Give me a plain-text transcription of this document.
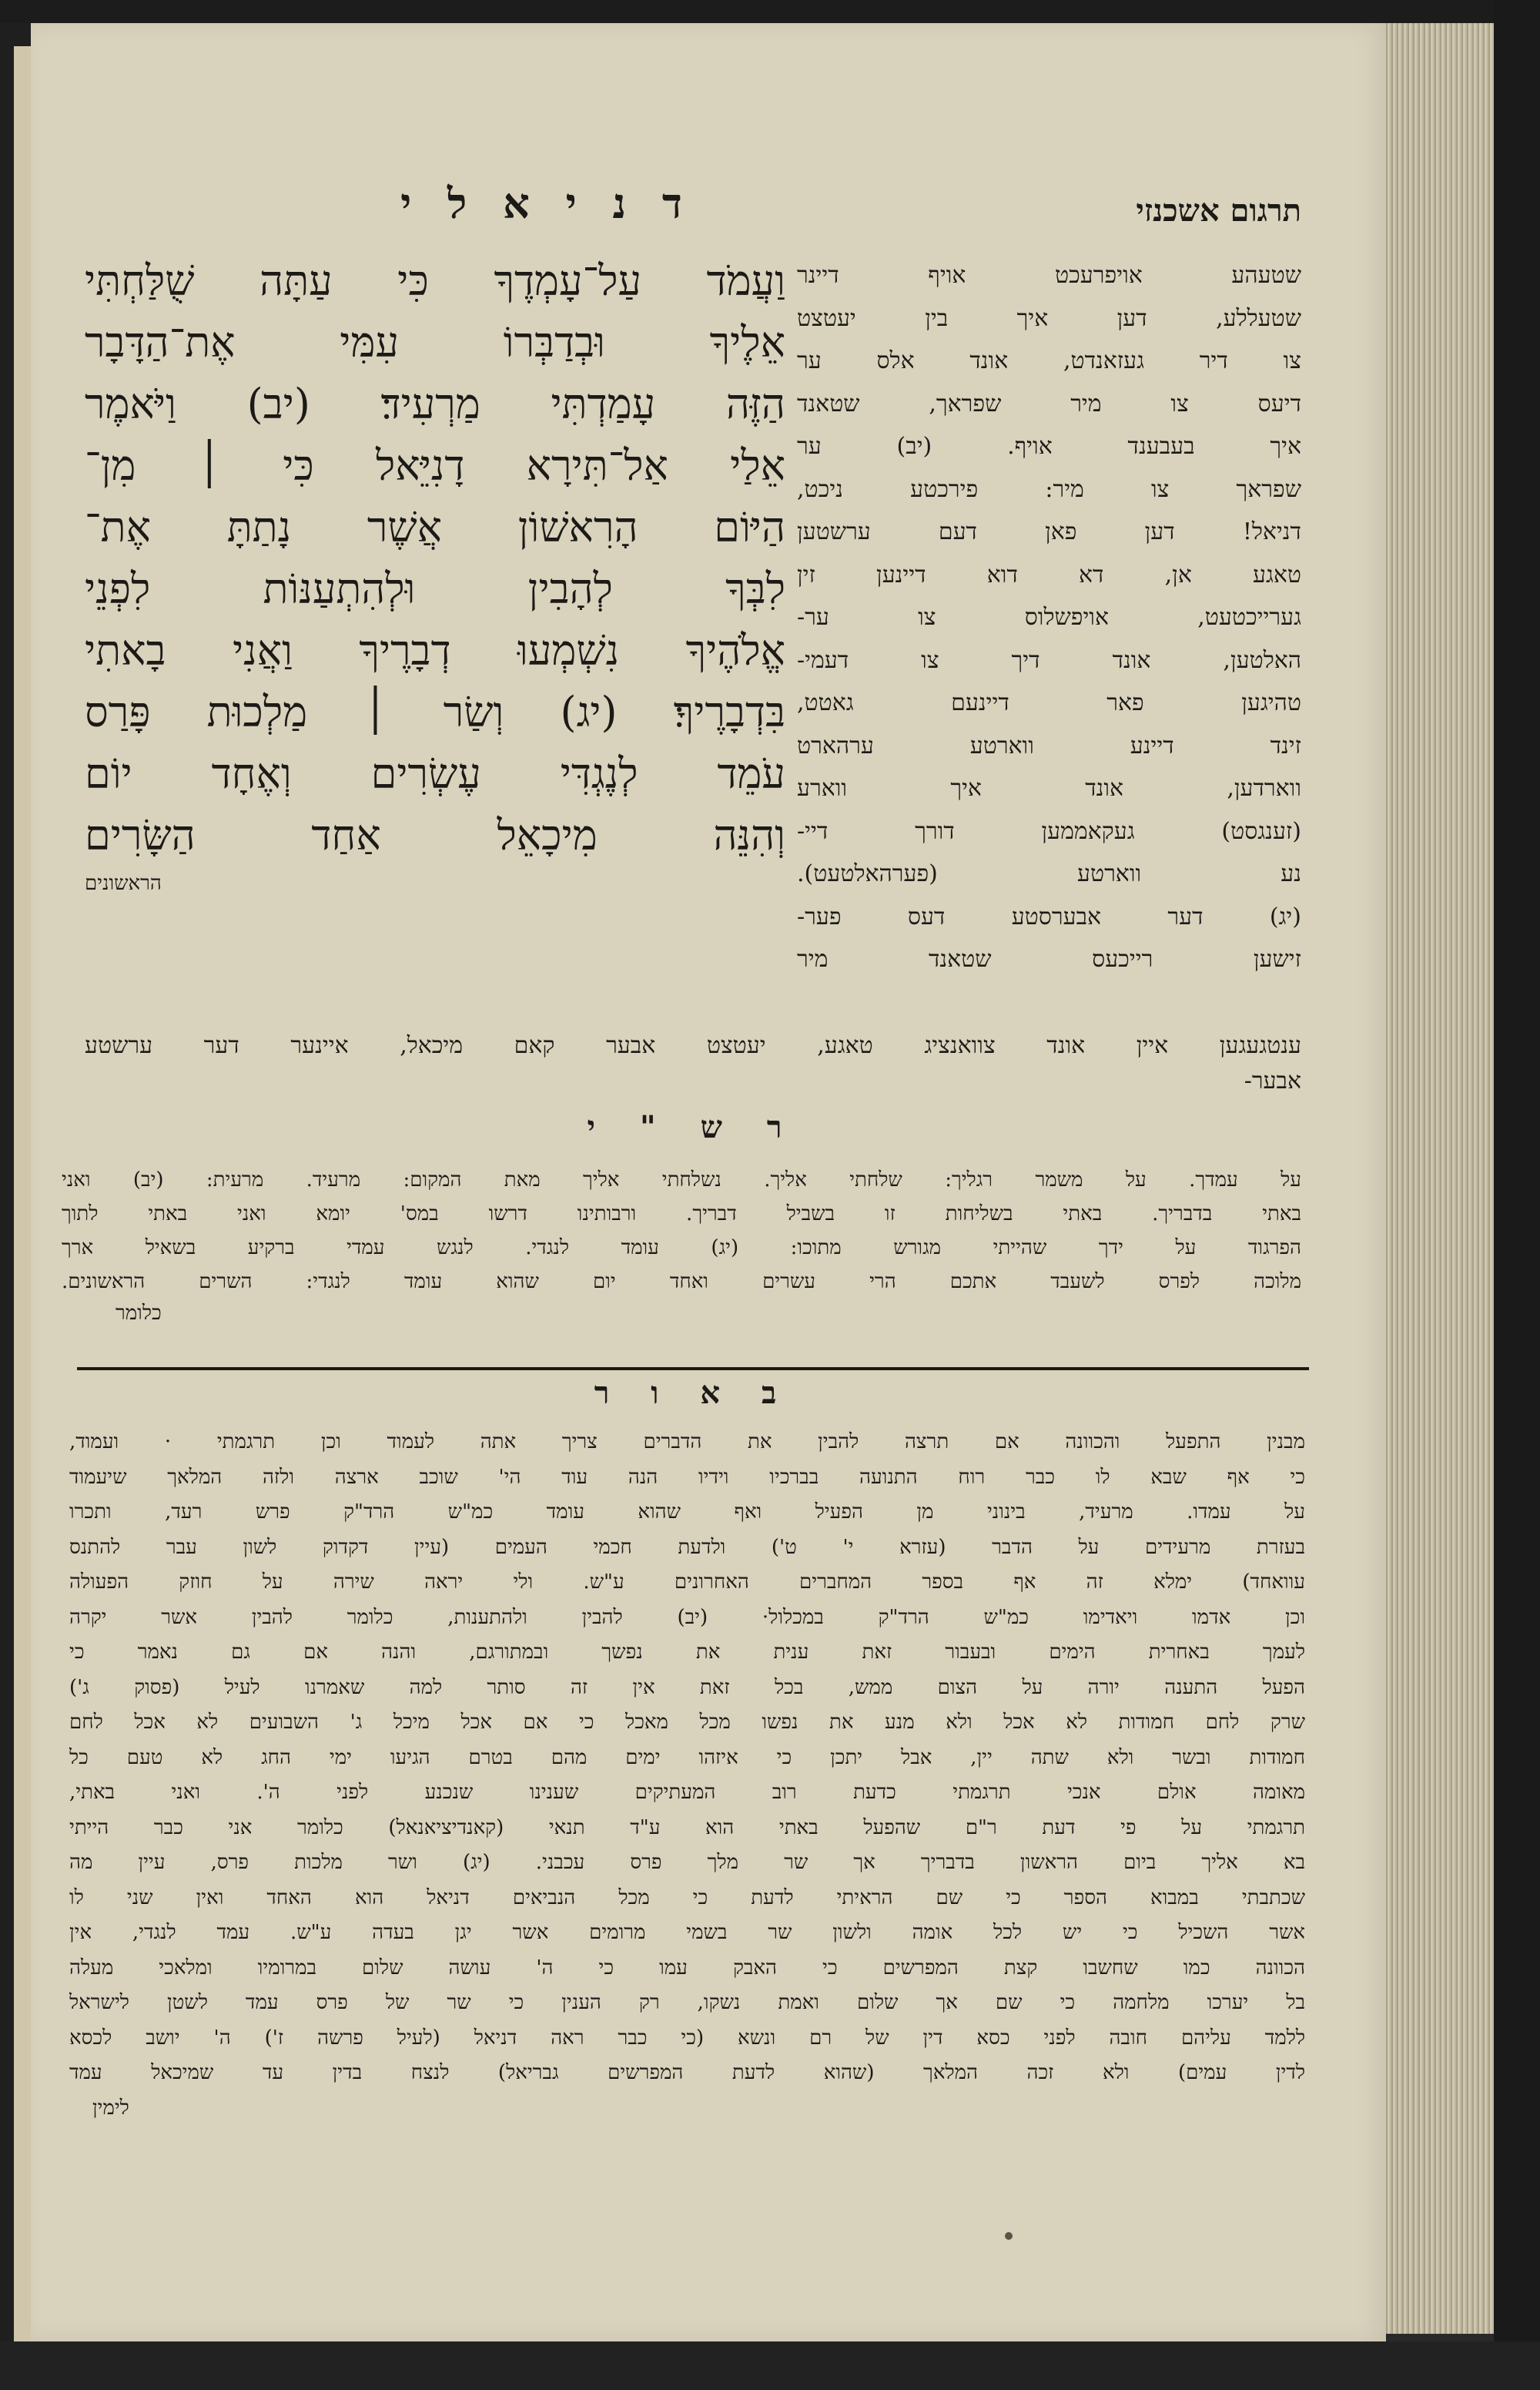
תרגום אשכנזי
ד נ י א ל י
וַעֲמֹד עַל־עָמְדֶךָ כִּי עַתָּה שֻׁלַּחְתִּי
אֵלֶיךָ וּבְדַבְּרוֹ עִמִּי אֶת־הַדָּבָר
הַזֶּה עָמַדְתִּי מַרְעִיד׃ (יב) וַיֹּאמֶר
אֵלַי אַל־תִּירָא דָנִיֵּאל כִּי ׀ מִן־
הַיּוֹם הָרִאשׁוֹן אֲשֶׁר נָתַתָּ אֶת־
לִבְּךָ לְהָבִין וּלְהִתְעַנּוֹת לִפְנֵי
אֱלֹהֶיךָ נִשְׁמְעוּ דְבָרֶיךָ וַאֲנִי בָאתִי
בִּדְבָרֶיךָ׃ (יג) וְשַׂר ׀ מַלְכוּת פָּרַס
עֹמֵד לְנֶגְדִּי עֶשְׂרִים וְאֶחָד יוֹם
וְהִנֵּה מִיכָאֵל אַחַד הַשָּׂרִים
הראשונים
שטעהע אויפרעכט אויף דיינר
שטעללע, דען איך בין יעטצט
צו דיר געזאנדט, אונד אלס ער
דיעס צו מיר שפראך, שטאנד
איך בעבענד אויף. (יב) ער
שפראך צו מיר: פירכטע ניכט,
דניאל! דען פאן דעם ערשטען
טאגע אן, דא דוא דיינען זין
גערייכטעט, אויפשלוס צו ער-
האלטען, אונד דיך צו דעמי-
טהיגען פאר דיינעם גאטט,
זינד דיינע ווארטע ערהארט
ווארדען, אונד איך ווארע
(זענגסט) געקאממען דורך דיי-
נע ווארטע (פערהאלטעט).
(יג) דער אבערסטע דעס פער-
זישען רייכעס שטאנד מיר
ענטגעגען איין אונד צוואנציג טאגע, יעטצט אבער קאם מיכאל, איינער דער ערשטע
אבער-
ר ש " י
על עמדך. על משמר רגליך: שלחתי אליך. נשלחתי אליך מאת המקום: מרעיד. מרעית: (יב) ואני
באתי בדבריך. באתי בשליחות זו בשביל דבריך. ורבותינו דרשו במס' יומא ואני באתי לתוך
הפרגוד על ידך שהייתי מגורש מתוכו: (יג) עומד לנגדי. לנגש עמדי ברקיע בשאיל ארך
מלוכה לפרס לשעבד אתכם הרי עשרים ואחד יום שהוא עומד לנגדי: השרים הראשונים.
כלומר
ב א ו ר
מבנין התפעל והכוונה אם תרצה להבין את הדברים צריך אתה לעמוד וכן תרגמתי · ועמוד,
כי אף שבא לו כבר רוח התנועה בברכיו וידיו הנה עוד הי' שוכב ארצה ולזה המלאך שיעמוד
על עמדו. מרעיד, בינוני מן הפעיל ואף שהוא עומד כמ"ש הרד"ק פרש רעד, ותכרו
בעזרת מרעידים על הדבר (עזרא י' ט') ולדעת חכמי העמים (עיין דקדוק לשון עבר להתנס
עוואחד) ימלא זה אף בספר המחברים האחרונים ע"ש. ולי יראה שירה על חוזק הפעולה
וכן אדמו ויאדימו כמ"ש הרד"ק במכלול· (יב) להבין ולהתענות, כלומר להבין אשר יקרה
לעמך באחרית הימים ובעבור זאת ענית את נפשך ובמתורגם, והנה אם גם נאמר כי
הפעל התענה יורה על הצום ממש, בכל זאת אין זה סותר למה שאמרנו לעיל (פסוק ג')
שרק לחם חמודות לא אכל ולא מנע את נפשו מכל מאכל כי אם אכל מיכל ג' השבועים לא אכל לחם
חמודות ובשר ולא שתה יין, אבל יתכן כי איזהו ימים מהם בטרם הגיעו ימי החג לא טעם כל
מאומה אולם אנכי תרגמתי כדעת רוב המעתיקים שענינו שנכנע לפני ה'. ואני באתי,
תרגמתי על פי דעת ר"ם שהפעל באתי הוא ע"ד תנאי (קאנדיציאנאל) כלומר אני כבר הייתי
בא אליך ביום הראשון בדבריך אך שר מלך פרס עכבני. (יג) ושר מלכות פרס, עיין מה
שכתבתי במבוא הספר כי שם הראיתי לדעת כי מכל הנביאים דניאל הוא האחד ואין שני לו
אשר השכיל כי יש לכל אומה ולשון שר בשמי מרומים אשר יגן בעדה ע"ש. עמד לנגדי, אין
הכוונה כמו שחשבו קצת המפרשים כי האבק עמו כי ה' עושה שלום במרומיו ומלאכי מעלה
בל יערכו מלחמה כי שם אך שלום ואמת נשקו, רק הענין כי שר של פרס עמד לשטן לישראל
ללמד עליהם חובה לפני כסא דין של רם ונשא (כי כבר ראה דניאל (לעיל פרשה ז') ה' יושב לכסא
לדין עמים) ולא זכה המלאך (שהוא לדעת המפרשים גבריאל) לנצח בדין עד שמיכאל עמד
לימין
